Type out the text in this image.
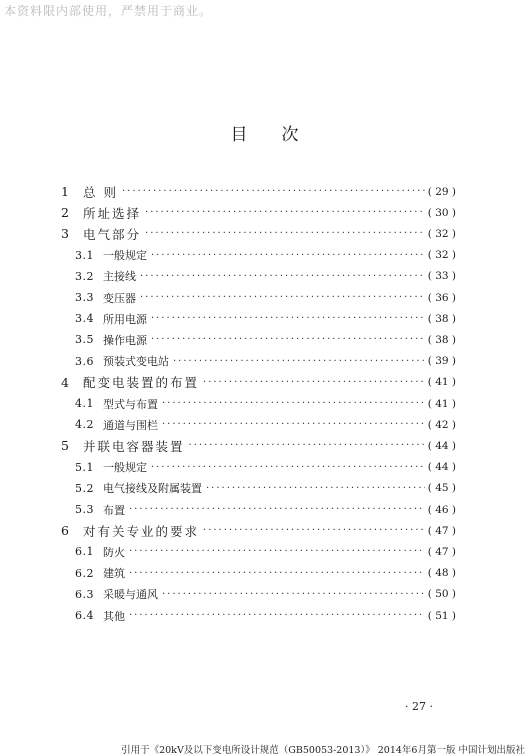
本资料限内部使用，严禁用于商业。
目次
1	总 则 ·····	( 29 )
2	所址选择 ·····	( 30 )
3	电气部分 ·····	( 32 )
3.1 一般规定 ·····	( 32 )
3.2 主接线 ·····	( 33 )
3.3 变压器 ·····	( 36 )
3.4 所用电源 ·····	( 38 )
3.5 操作电源 ·····	( 38 )
3.6 预装式变电站 ·····	( 39 )
4	配变电装置的布置 ·····	( 41 )
4.1 型式与布置 ·····	( 41 )
4.2 通道与围栏 ·····	( 42 )
5	并联电容器装置 ·····	( 44 )
5.1 一般规定 ·····	( 44 )
5.2 电气接线及附属装置 ·····	( 45 )
5.3 布置 ·····	( 46 )
6	对有关专业的要求 ·····	( 47 )
6.1 防火 ·····	( 47 )
6.2 建筑 ·····	( 48 )
6.3 采暖与通风 ·····	( 50 )
6.4 其他 ·····	( 51 )
· 27 ·
引用于《20kV及以下变电所设计规范（GB50053-2013）》 2014年6月第一版 中国计划出版社
